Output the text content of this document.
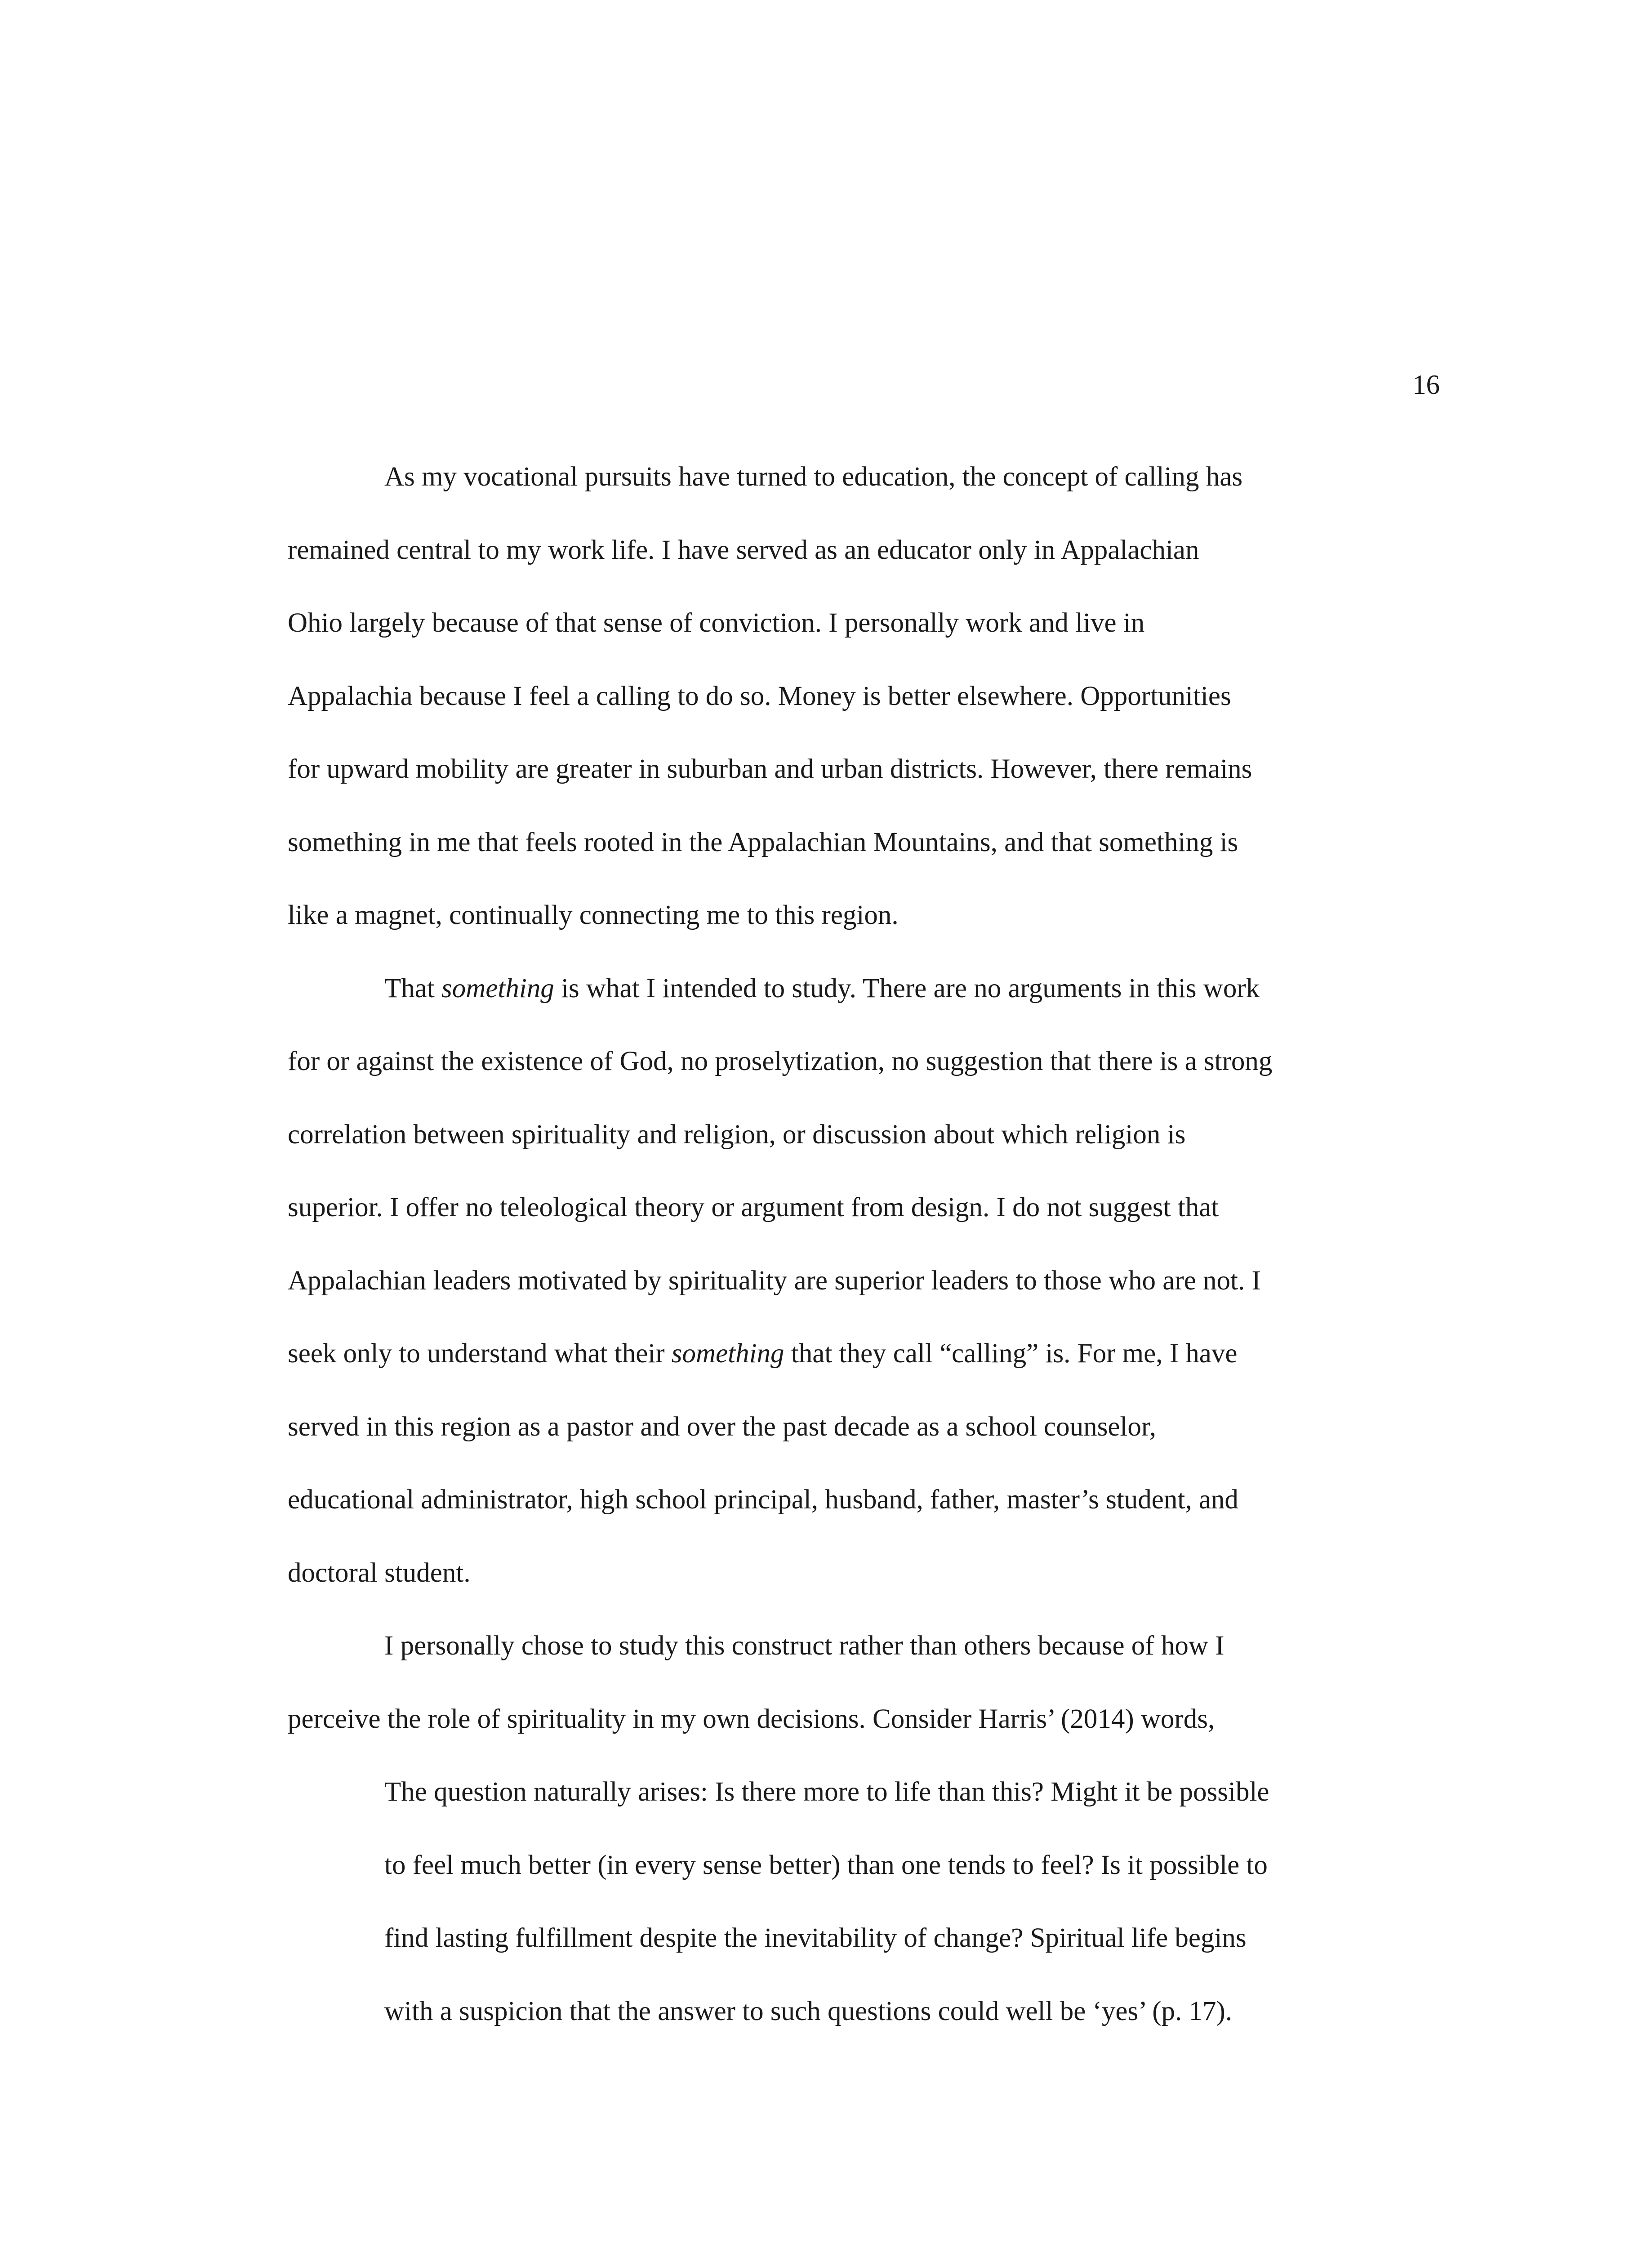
16

As my vocational pursuits have turned to education, the concept of calling has
remained central to my work life. I have served as an educator only in Appalachian
Ohio largely because of that sense of conviction. I personally work and live in
Appalachia because I feel a calling to do so. Money is better elsewhere. Opportunities
for upward mobility are greater in suburban and urban districts. However, there remains
something in me that feels rooted in the Appalachian Mountains, and that something is
like a magnet, continually connecting me to this region.

That something is what I intended to study. There are no arguments in this work
for or against the existence of God, no proselytization, no suggestion that there is a strong
correlation between spirituality and religion, or discussion about which religion is
superior. I offer no teleological theory or argument from design. I do not suggest that
Appalachian leaders motivated by spirituality are superior leaders to those who are not. I
seek only to understand what their something that they call “calling” is. For me, I have
served in this region as a pastor and over the past decade as a school counselor,
educational administrator, high school principal, husband, father, master’s student, and
doctoral student.

I personally chose to study this construct rather than others because of how I
perceive the role of spirituality in my own decisions. Consider Harris’ (2014) words,

The question naturally arises: Is there more to life than this? Might it be possible
to feel much better (in every sense better) than one tends to feel? Is it possible to
find lasting fulfillment despite the inevitability of change? Spiritual life begins
with a suspicion that the answer to such questions could well be ‘yes’ (p. 17).
